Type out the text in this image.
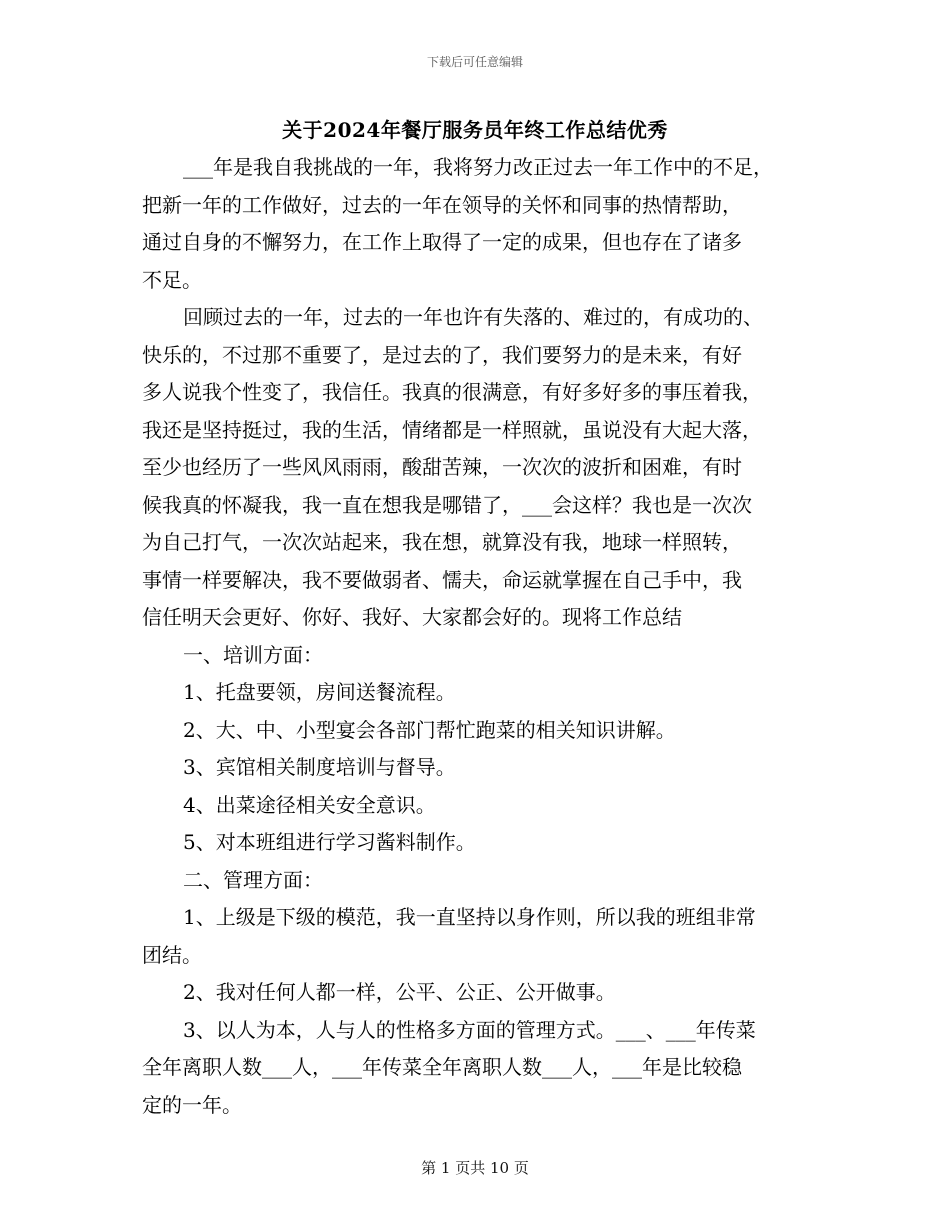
下载后可任意编辑
关于2024年餐厅服务员年终工作总结优秀
___年是我自我挑战的一年，我将努力改正过去一年工作中的不足，
把新一年的工作做好，过去的一年在领导的关怀和同事的热情帮助，
通过自身的不懈努力，在工作上取得了一定的成果，但也存在了诸多
不足。
回顾过去的一年，过去的一年也许有失落的、难过的，有成功的、
快乐的，不过那不重要了，是过去的了，我们要努力的是未来，有好
多人说我个性变了，我信任。我真的很满意，有好多好多的事压着我，
我还是坚持挺过，我的生活，情绪都是一样照就，虽说没有大起大落，
至少也经历了一些风风雨雨，酸甜苦辣，一次次的波折和困难，有时
候我真的怀凝我，我一直在想我是哪错了，___会这样？我也是一次次
为自己打气，一次次站起来，我在想，就算没有我，地球一样照转，
事情一样要解决，我不要做弱者、懦夫，命运就掌握在自己手中，我
信任明天会更好、你好、我好、大家都会好的。现将工作总结
一、培训方面：
1、托盘要领，房间送餐流程。
2、大、中、小型宴会各部门帮忙跑菜的相关知识讲解。
3、宾馆相关制度培训与督导。
4、出菜途径相关安全意识。
5、对本班组进行学习酱料制作。
二、管理方面：
1、上级是下级的模范，我一直坚持以身作则，所以我的班组非常
团结。
2、我对任何人都一样，公平、公正、公开做事。
3、以人为本，人与人的性格多方面的管理方式。___、___年传菜
全年离职人数___人，___年传菜全年离职人数___人，___年是比较稳
定的一年。
第 1 页共 10 页
